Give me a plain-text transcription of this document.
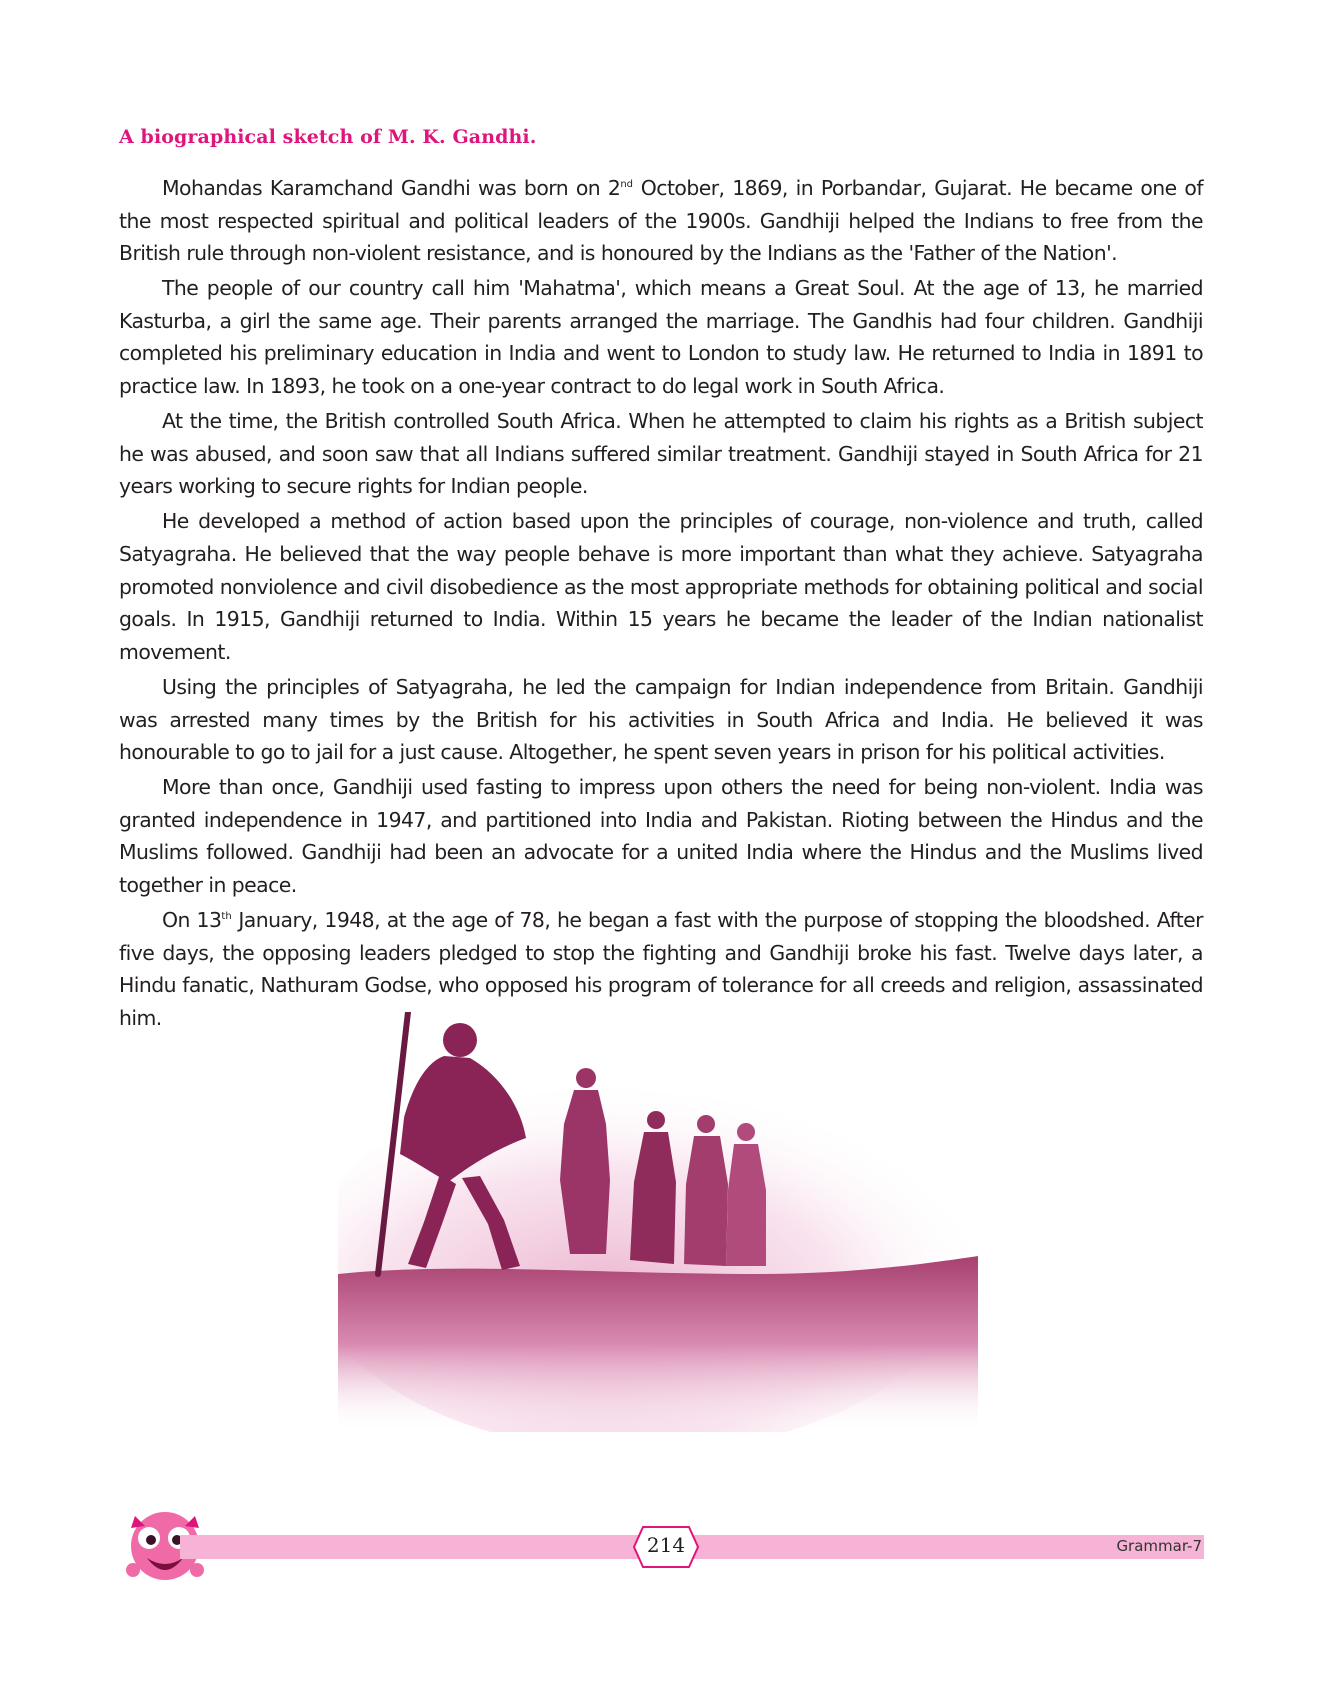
A biographical sketch of M. K. Gandhi.

Mohandas Karamchand Gandhi was born on 2nd October, 1869, in Porbandar, Gujarat. He became one of the most respected spiritual and political leaders of the 1900s. Gandhiji helped the Indians to free from the British rule through non-violent resistance, and is honoured by the Indians as the 'Father of the Nation'.

The people of our country call him 'Mahatma', which means a Great Soul. At the age of 13, he married Kasturba, a girl the same age. Their parents arranged the marriage. The Gandhis had four children. Gandhiji completed his preliminary education in India and went to London to study law. He returned to India in 1891 to practice law. In 1893, he took on a one-year contract to do legal work in South Africa.

At the time, the British controlled South Africa. When he attempted to claim his rights as a British subject he was abused, and soon saw that all Indians suffered similar treatment. Gandhiji stayed in South Africa for 21 years working to secure rights for Indian people.

He developed a method of action based upon the principles of courage, non-violence and truth, called Satyagraha. He believed that the way people behave is more important than what they achieve. Satyagraha promoted nonviolence and civil disobedience as the most appropriate methods for obtaining political and social goals. In 1915, Gandhiji returned to India. Within 15 years he became the leader of the Indian nationalist movement.

Using the principles of Satyagraha, he led the campaign for Indian independence from Britain. Gandhiji was arrested many times by the British for his activities in South Africa and India. He believed it was honourable to go to jail for a just cause. Altogether, he spent seven years in prison for his political activities.

More than once, Gandhiji used fasting to impress upon others the need for being non-violent. India was granted independence in 1947, and partitioned into India and Pakistan. Rioting between the Hindus and the Muslims followed. Gandhiji had been an advocate for a united India where the Hindus and the Muslims lived together in peace.

On 13th January, 1948, at the age of 78, he began a fast with the purpose of stopping the bloodshed. After five days, the opposing leaders pledged to stop the fighting and Gandhiji broke his fast. Twelve days later, a Hindu fanatic, Nathuram Godse, who opposed his program of tolerance for all creeds and religion, assassinated him.

214	Grammar-7
